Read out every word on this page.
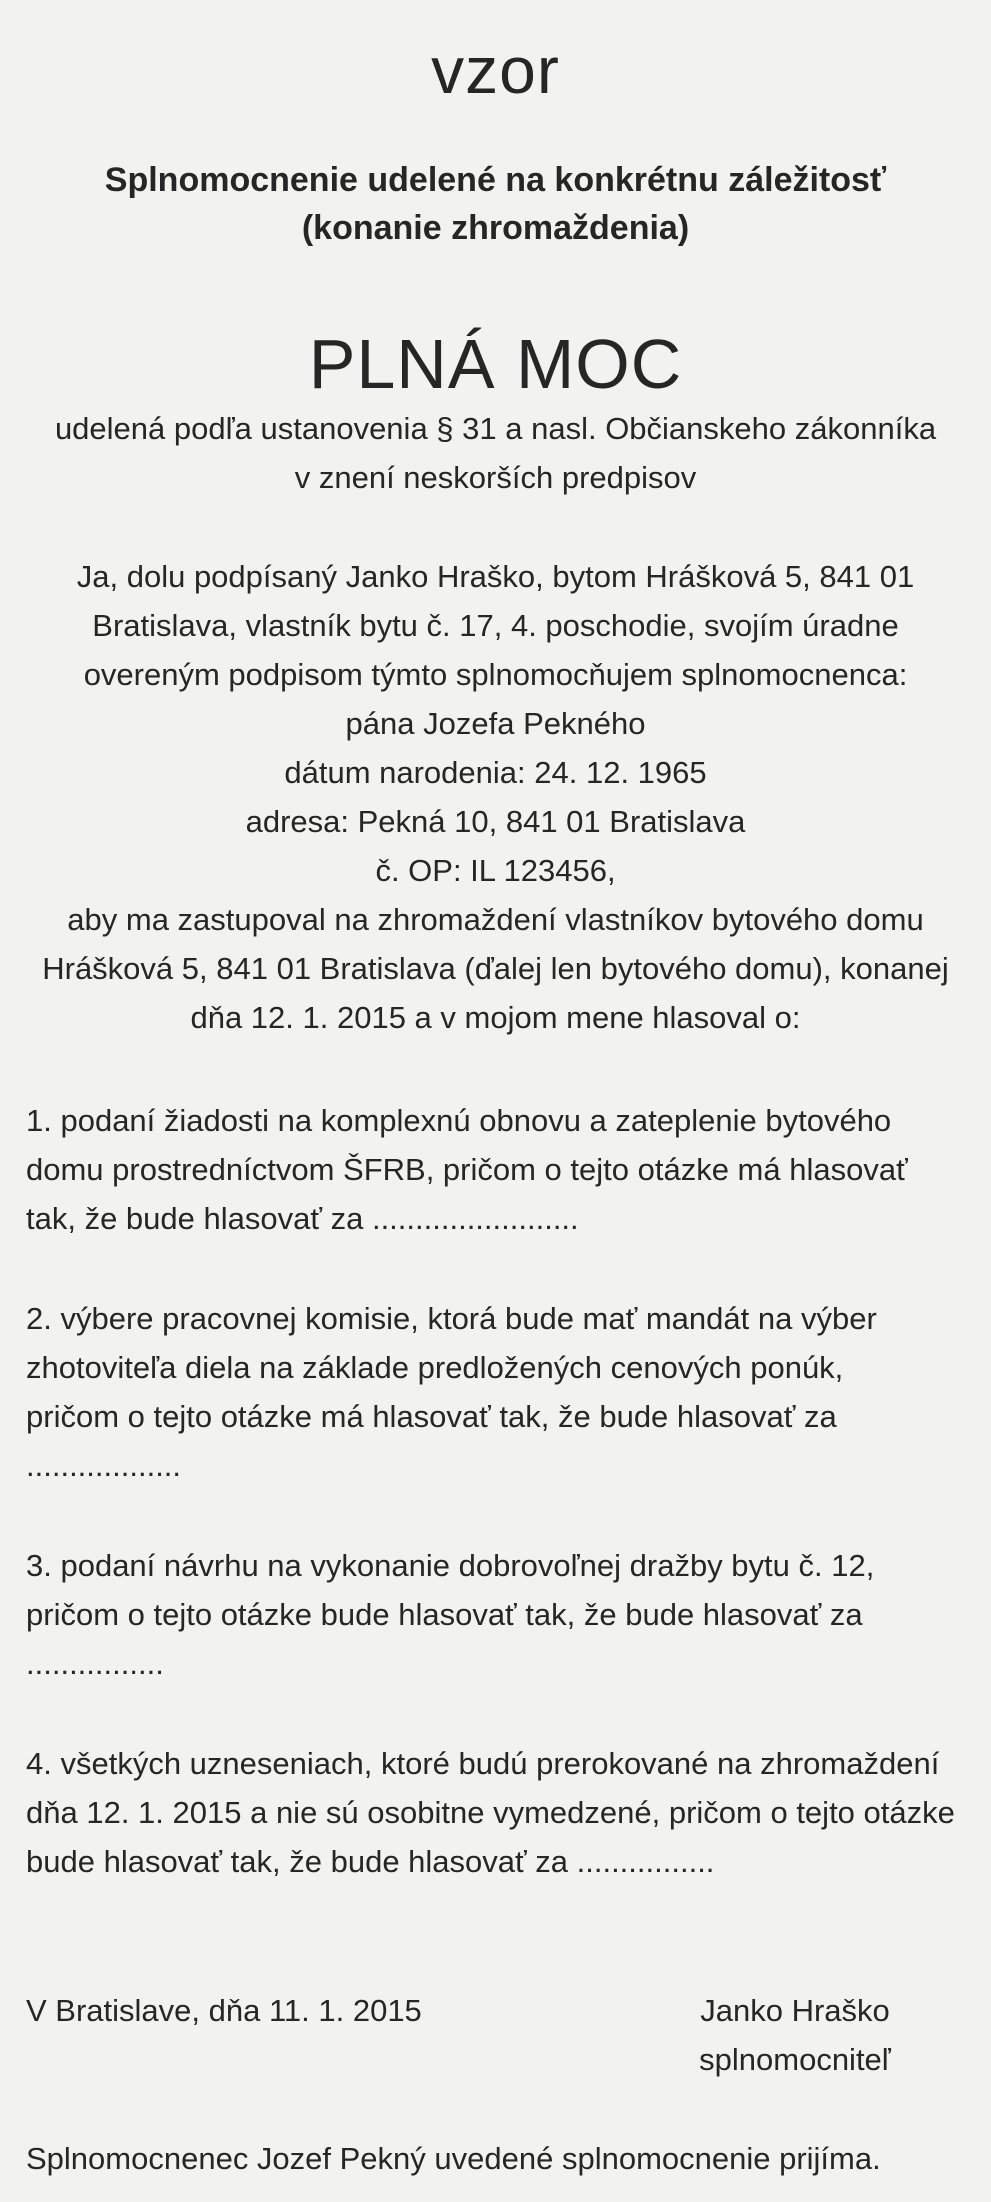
vzor
Splnomocnenie udelené na konkrétnu záležitosť
(konanie zhromaždenia)
PLNÁ MOC
udelená podľa ustanovenia § 31 a nasl. Občianskeho zákonníka
v znení neskorších predpisov
Ja, dolu podpísaný Janko Hraško, bytom Hrášková 5, 841 01
Bratislava, vlastník bytu č. 17, 4. poschodie, svojím úradne
overeným podpisom týmto splnomocňujem splnomocnenca:
pána Jozefa Pekného
dátum narodenia: 24. 12. 1965
adresa: Pekná 10, 841 01 Bratislava
č. OP: IL 123456,
aby ma zastupoval na zhromaždení vlastníkov bytového domu
Hrášková 5, 841 01 Bratislava (ďalej len bytového domu), konanej
dňa 12. 1. 2015 a v mojom mene hlasoval o:
1. podaní žiadosti na komplexnú obnovu a zateplenie bytového
domu prostredníctvom ŠFRB, pričom o tejto otázke má hlasovať
tak, že bude hlasovať za ........................
2. výbere pracovnej komisie, ktorá bude mať mandát na výber
zhotoviteľa diela na základe predložených cenových ponúk,
pričom o tejto otázke má hlasovať tak, že bude hlasovať za
..................
3. podaní návrhu na vykonanie dobrovoľnej dražby bytu č. 12,
pričom o tejto otázke bude hlasovať tak, že bude hlasovať za
................
4. všetkých uzneseniach, ktoré budú prerokované na zhromaždení
dňa 12. 1. 2015 a nie sú osobitne vymedzené, pričom o tejto otázke
bude hlasovať tak, že bude hlasovať za ................
V Bratislave, dňa 11. 1. 2015	Janko Hraško
splnomocniteľ
Splnomocnenec Jozef Pekný uvedené splnomocnenie prijíma.
